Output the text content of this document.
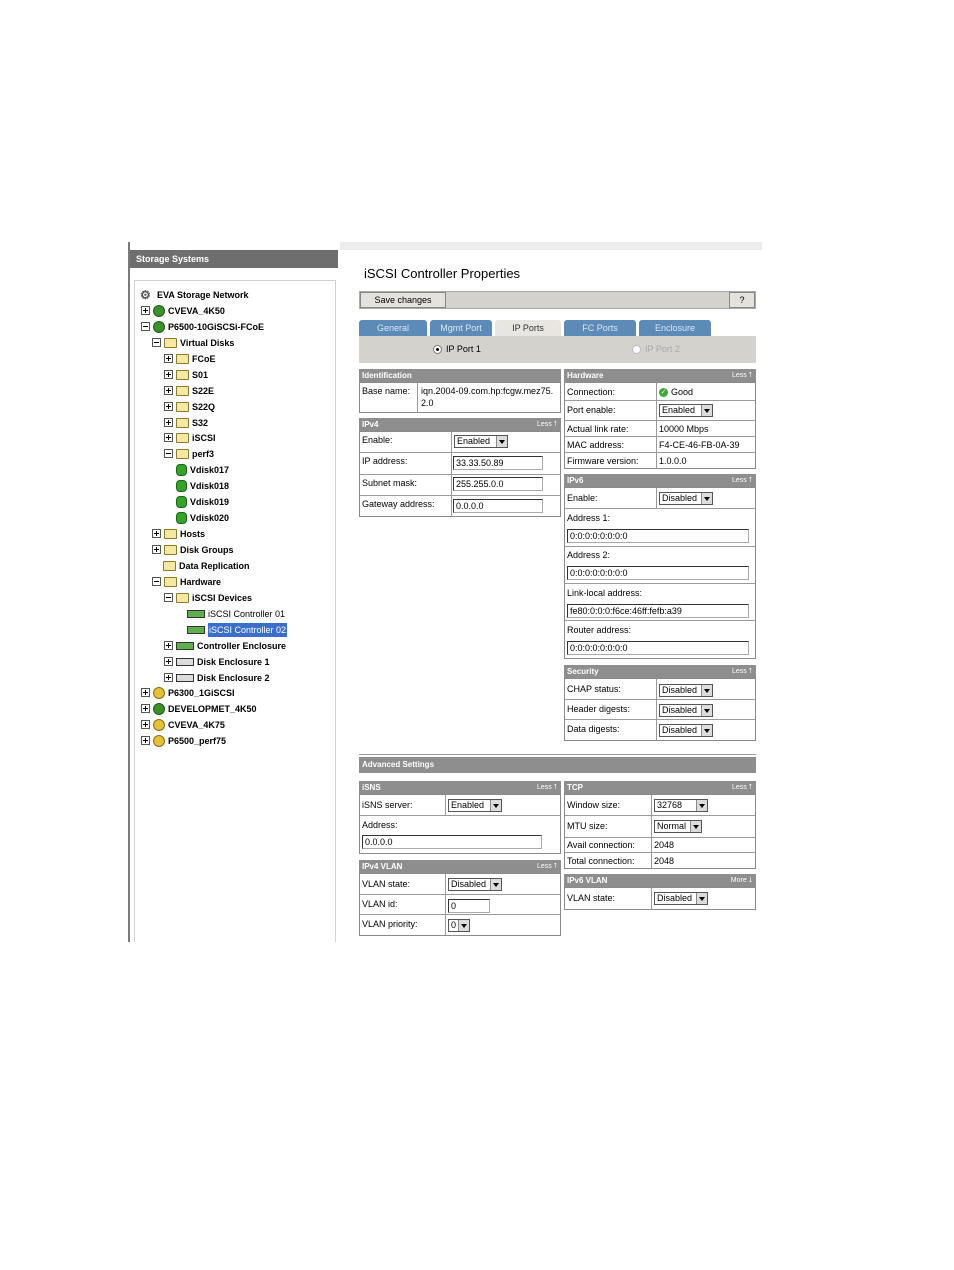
Storage Systems
⚙ EVA Storage Network
CVEVA_4K50
P6500-10GiSCSi-FCoE
Virtual Disks
FCoE
S01
S22E
S22Q
S32
iSCSI
perf3
Vdisk017
Vdisk018
Vdisk019
Vdisk020
Hosts
Disk Groups
Data Replication
Hardware
iSCSI Devices
iSCSI Controller 01
iSCSI Controller 02
Controller Enclosure
Disk Enclosure 1
Disk Enclosure 2
P6300_1GiSCSI
DEVELOPMET_4K50
CVEVA_4K75
P6500_perf75
iSCSI Controller Properties
Save changes	?
General	Mgmt Port	IP Ports	FC Ports	Enclosure
IP Port 1	IP Port 2
Identification
Base name: iqn.2004-09.com.hp:fcgw.mez75.
2.0
IPv4	Less ⭡
Enable:	Enabled
IP address:	33.33.50.89
Subnet mask:	255.255.0.0
Gateway address:	0.0.0.0
Hardware	Less ⭡
Connection:	✓ Good
Port enable:	Enabled
Actual link rate:	10000 Mbps
MAC address:	F4-CE-46-FB-0A-39
Firmware version: 1.0.0.0
IPv6	Less ⭡
Enable:	Disabled
Address 1:
0:0:0:0:0:0:0:0
Address 2:
0:0:0:0:0:0:0:0
Link-local address:
fe80:0:0:0:f6ce:46ff:fefb:a39
Router address:
0:0:0:0:0:0:0:0
Security	Less ⭡
CHAP status:	Disabled
Header digests:	Disabled
Data digests:	Disabled
Advanced Settings
iSNS	Less ⭡
iSNS server:	Enabled
Address:
0.0.0.0
IPv4 VLAN	Less ⭡
VLAN state:	Disabled
VLAN id:	0
VLAN priority:	0
TCP	Less ⭡
Window size:	32768
MTU size:	Normal
Avail connection: 2048
Total connection: 2048
IPv6 VLAN	More ⭣
VLAN state:	Disabled
